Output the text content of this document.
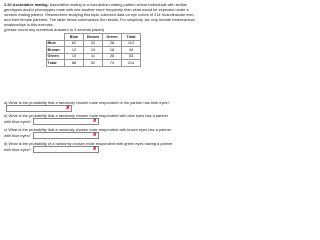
2.20 Assortative mating: Assortative mating is a nonrandom mating pattern where individuals with similar genotypes and/or phenotypes mate with one another more frequently than what would be expected under a random mating pattern. Researchers studying this topic collected data on eye colors of 214 Scandinavian men and their female partners. The table below summarizes the results. For simplicity, we only include heterosexual relationships in this exercise.

(please round any numerical answers to 4 decimal places)

	Blue	Brown	Green	Total
Blue	62	22	28	112
Brown	12	19	18	49
Green	14	11	28	53
Total	88	52	74	214
a) What is the probability that a randomly chosen male respondent or his partner has blue eyes?
✘
b) What is the probability that a randomly chosen male respondent with blue eyes has a partner
with blue eyes?	✘
c) What is the probability that a randomly chosen male respondent with brown eyes has a partner
with blue eyes?	✘
d) What is the probability of a randomly chosen male respondent with green eyes having a partner
with blue eyes?	✘
